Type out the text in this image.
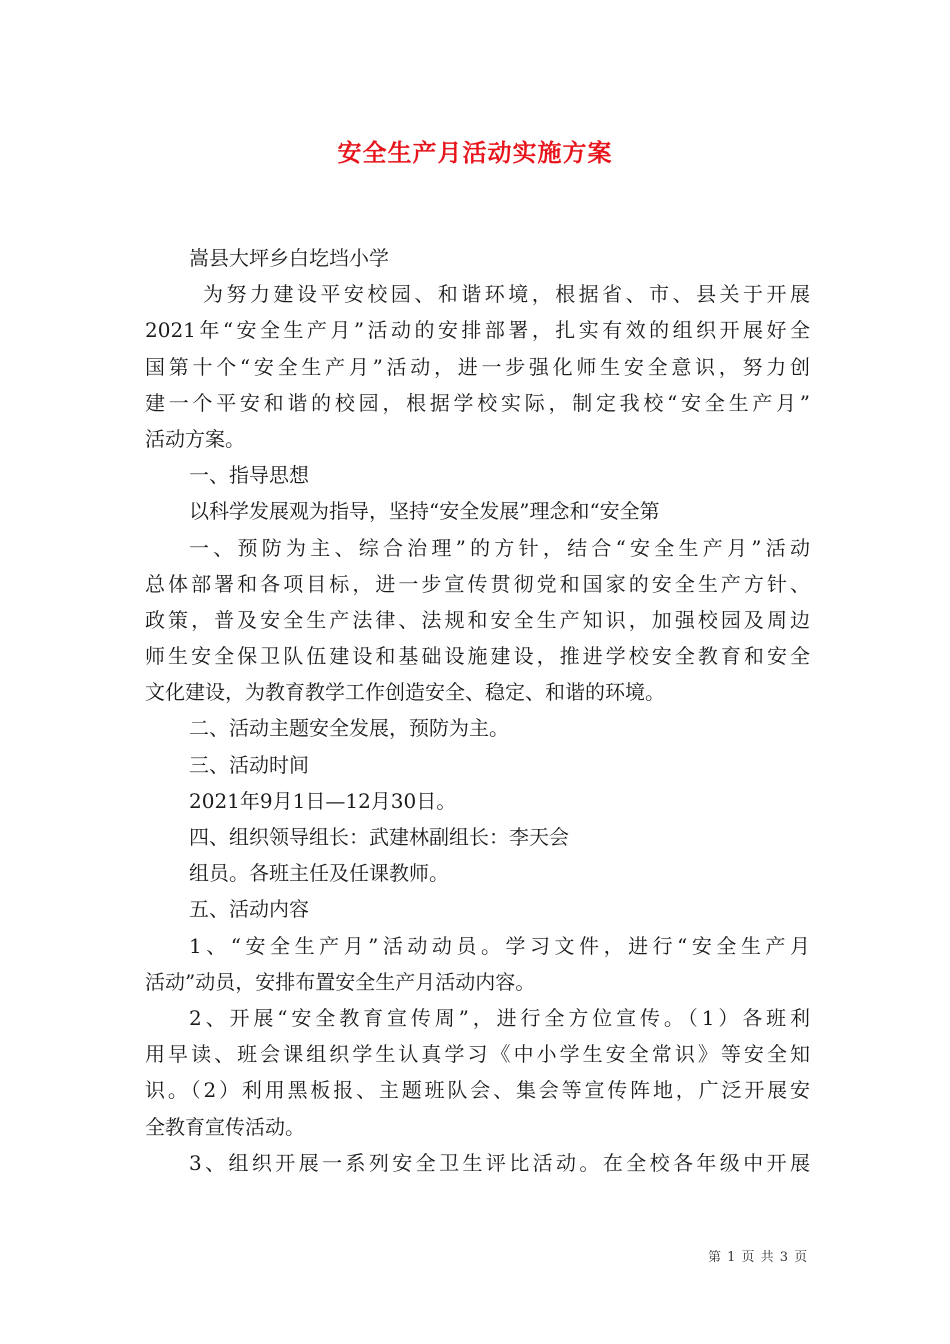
安全生产月活动实施方案
嵩县大坪乡白圪垱小学
为努力建设平安校园、和谐环境，根据省、市、县关于开展
2021年“安全生产月”活动的安排部署，扎实有效的组织开展好全
国第十个“安全生产月”活动，进一步强化师生安全意识，努力创
建一个平安和谐的校园，根据学校实际，制定我校“安全生产月”
活动方案。
一、指导思想
以科学发展观为指导，坚持“安全发展”理念和“安全第
一、预防为主、综合治理”的方针，结合“安全生产月”活动
总体部署和各项目标，进一步宣传贯彻党和国家的安全生产方针、
政策，普及安全生产法律、法规和安全生产知识，加强校园及周边
师生安全保卫队伍建设和基础设施建设，推进学校安全教育和安全
文化建设，为教育教学工作创造安全、稳定、和谐的环境。
二、活动主题安全发展，预防为主。
三、活动时间
2021年9月1日—12月30日。
四、组织领导组长：武建林副组长：李天会
组员。各班主任及任课教师。
五、活动内容
1、“安全生产月”活动动员。学习文件，进行“安全生产月
活动”动员，安排布置安全生产月活动内容。
2、开展“安全教育宣传周”，进行全方位宣传。（1）各班利
用早读、班会课组织学生认真学习《中小学生安全常识》等安全知
识。（2）利用黑板报、主题班队会、集会等宣传阵地，广泛开展安
全教育宣传活动。
3、组织开展一系列安全卫生评比活动。在全校各年级中开展
第 1 页 共 3 页
